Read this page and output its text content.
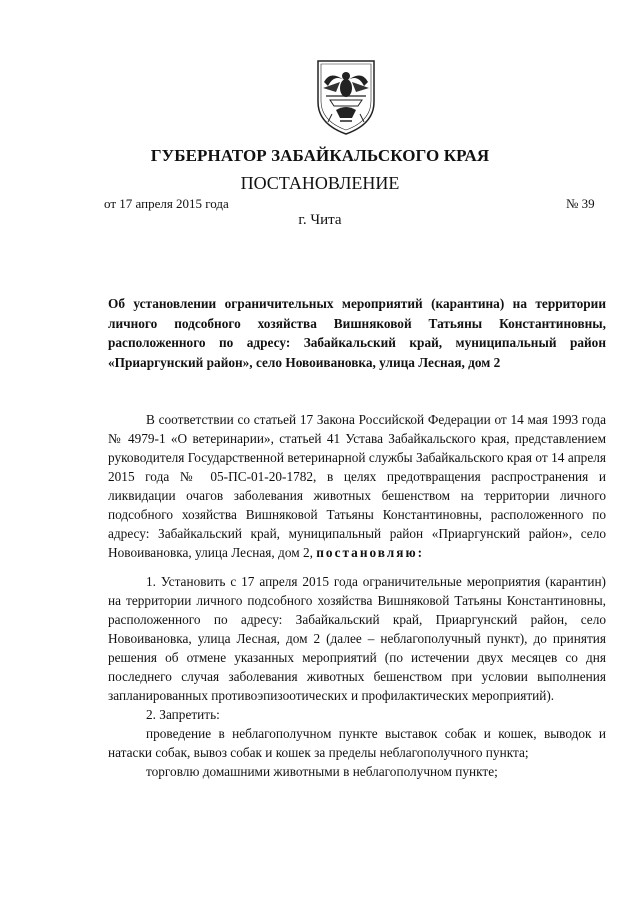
ГУБЕРНАТОР ЗАБАЙКАЛЬСКОГО КРАЯ
ПОСТАНОВЛЕНИЕ
от 17 апреля 2015 года	№ 39
г. Чита
Об установлении ограничительных мероприятий (карантина) на территории личного подсобного хозяйства Вишняковой Татьяны Константиновны, расположенного по адресу: Забайкальский край, муниципальный район «Приаргунский район», село Новоивановка, улица Лесная, дом 2

В соответствии со статьей 17 Закона Российской Федерации от 14 мая 1993 года № 4979-1 «О ветеринарии», статьей 41 Устава Забайкальского края, представлением руководителя Государственной ветеринарной службы Забайкальского края от 14 апреля 2015 года № 05-ПС-01-20-1782, в целях предотвращения распространения и ликвидации очагов заболевания животных бешенством на территории личного подсобного хозяйства Вишняковой Татьяны Константиновны, расположенного по адресу: Забайкальский край, муниципальный район «Приаргунский район», село Новоивановка, улица Лесная, дом 2, постановляю:

1. Установить с 17 апреля 2015 года ограничительные мероприятия (карантин) на территории личного подсобного хозяйства Вишняковой Татьяны Константиновны, расположенного по адресу: Забайкальский край, Приаргунский район, село Новоивановка, улица Лесная, дом 2 (далее – неблагополучный пункт), до принятия решения об отмене указанных мероприятий (по истечении двух месяцев со дня последнего случая заболевания животных бешенством при условии выполнения запланированных противоэпизоотических и профилактических мероприятий).

2. Запретить:

проведение в неблагополучном пункте выставок собак и кошек, выводок и натаски собак, вывоз собак и кошек за пределы неблагополучного пункта;

торговлю домашними животными в неблагополучном пункте;
